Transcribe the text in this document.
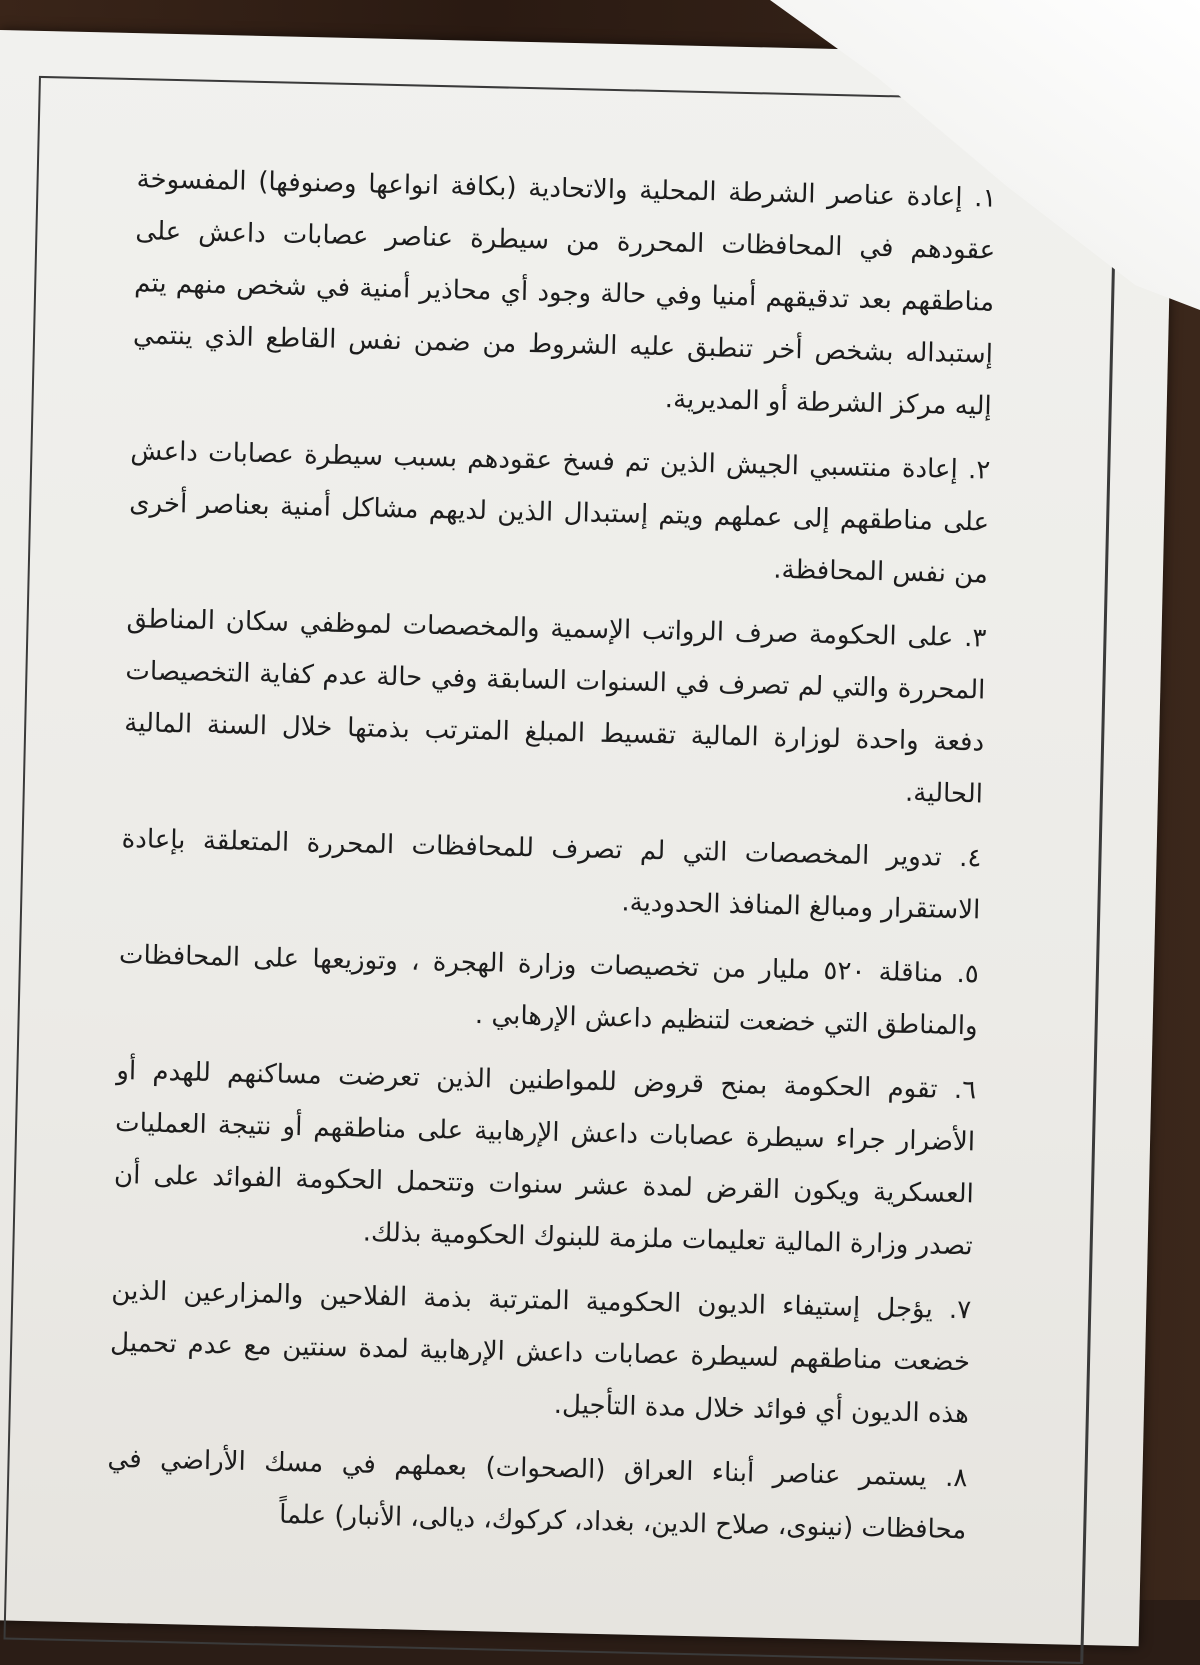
١. إعادة عناصر الشرطة المحلية والاتحادية (بكافة انواعها وصنوفها) المفسوخة عقودهم في المحافظات المحررة من سيطرة عناصر عصابات داعش على مناطقهم بعد تدقيقهم أمنيا وفي حالة وجود أي محاذير أمنية في شخص منهم يتم إستبداله بشخص أخر تنطبق عليه الشروط من ضمن نفس القاطع الذي ينتمي إليه مركز الشرطة أو المديرية.

٢. إعادة منتسبي الجيش الذين تم فسخ عقودهم بسبب سيطرة عصابات داعش على مناطقهم إلى عملهم ويتم إستبدال الذين لديهم مشاكل أمنية بعناصر أخرى من نفس المحافظة.

٣. على الحكومة صرف الرواتب الإسمية والمخصصات لموظفي سكان المناطق المحررة والتي لم تصرف في السنوات السابقة وفي حالة عدم كفاية التخصيصات دفعة واحدة لوزارة المالية تقسيط المبلغ المترتب بذمتها خلال السنة المالية الحالية.

٤. تدوير المخصصات التي لم تصرف للمحافظات المحررة المتعلقة بإعادة الاستقرار ومبالغ المنافذ الحدودية.

٥. مناقلة ٥٢٠ مليار من تخصيصات وزارة الهجرة ، وتوزيعها على المحافظات والمناطق التي خضعت لتنظيم داعش الإرهابي .

٦. تقوم الحكومة بمنح قروض للمواطنين الذين تعرضت مساكنهم للهدم أو الأضرار جراء سيطرة عصابات داعش الإرهابية على مناطقهم أو نتيجة العمليات العسكرية ويكون القرض لمدة عشر سنوات وتتحمل الحكومة الفوائد على أن تصدر وزارة المالية تعليمات ملزمة للبنوك الحكومية بذلك.

٧. يؤجل إستيفاء الديون الحكومية المترتبة بذمة الفلاحين والمزارعين الذين خضعت مناطقهم لسيطرة عصابات داعش الإرهابية لمدة سنتين مع عدم تحميل هذه الديون أي فوائد خلال مدة التأجيل.

٨. يستمر عناصر أبناء العراق (الصحوات) بعملهم في مسك الأراضي في محافظات (نينوى، صلاح الدين، بغداد، كركوك، ديالى، الأنبار) علماً
